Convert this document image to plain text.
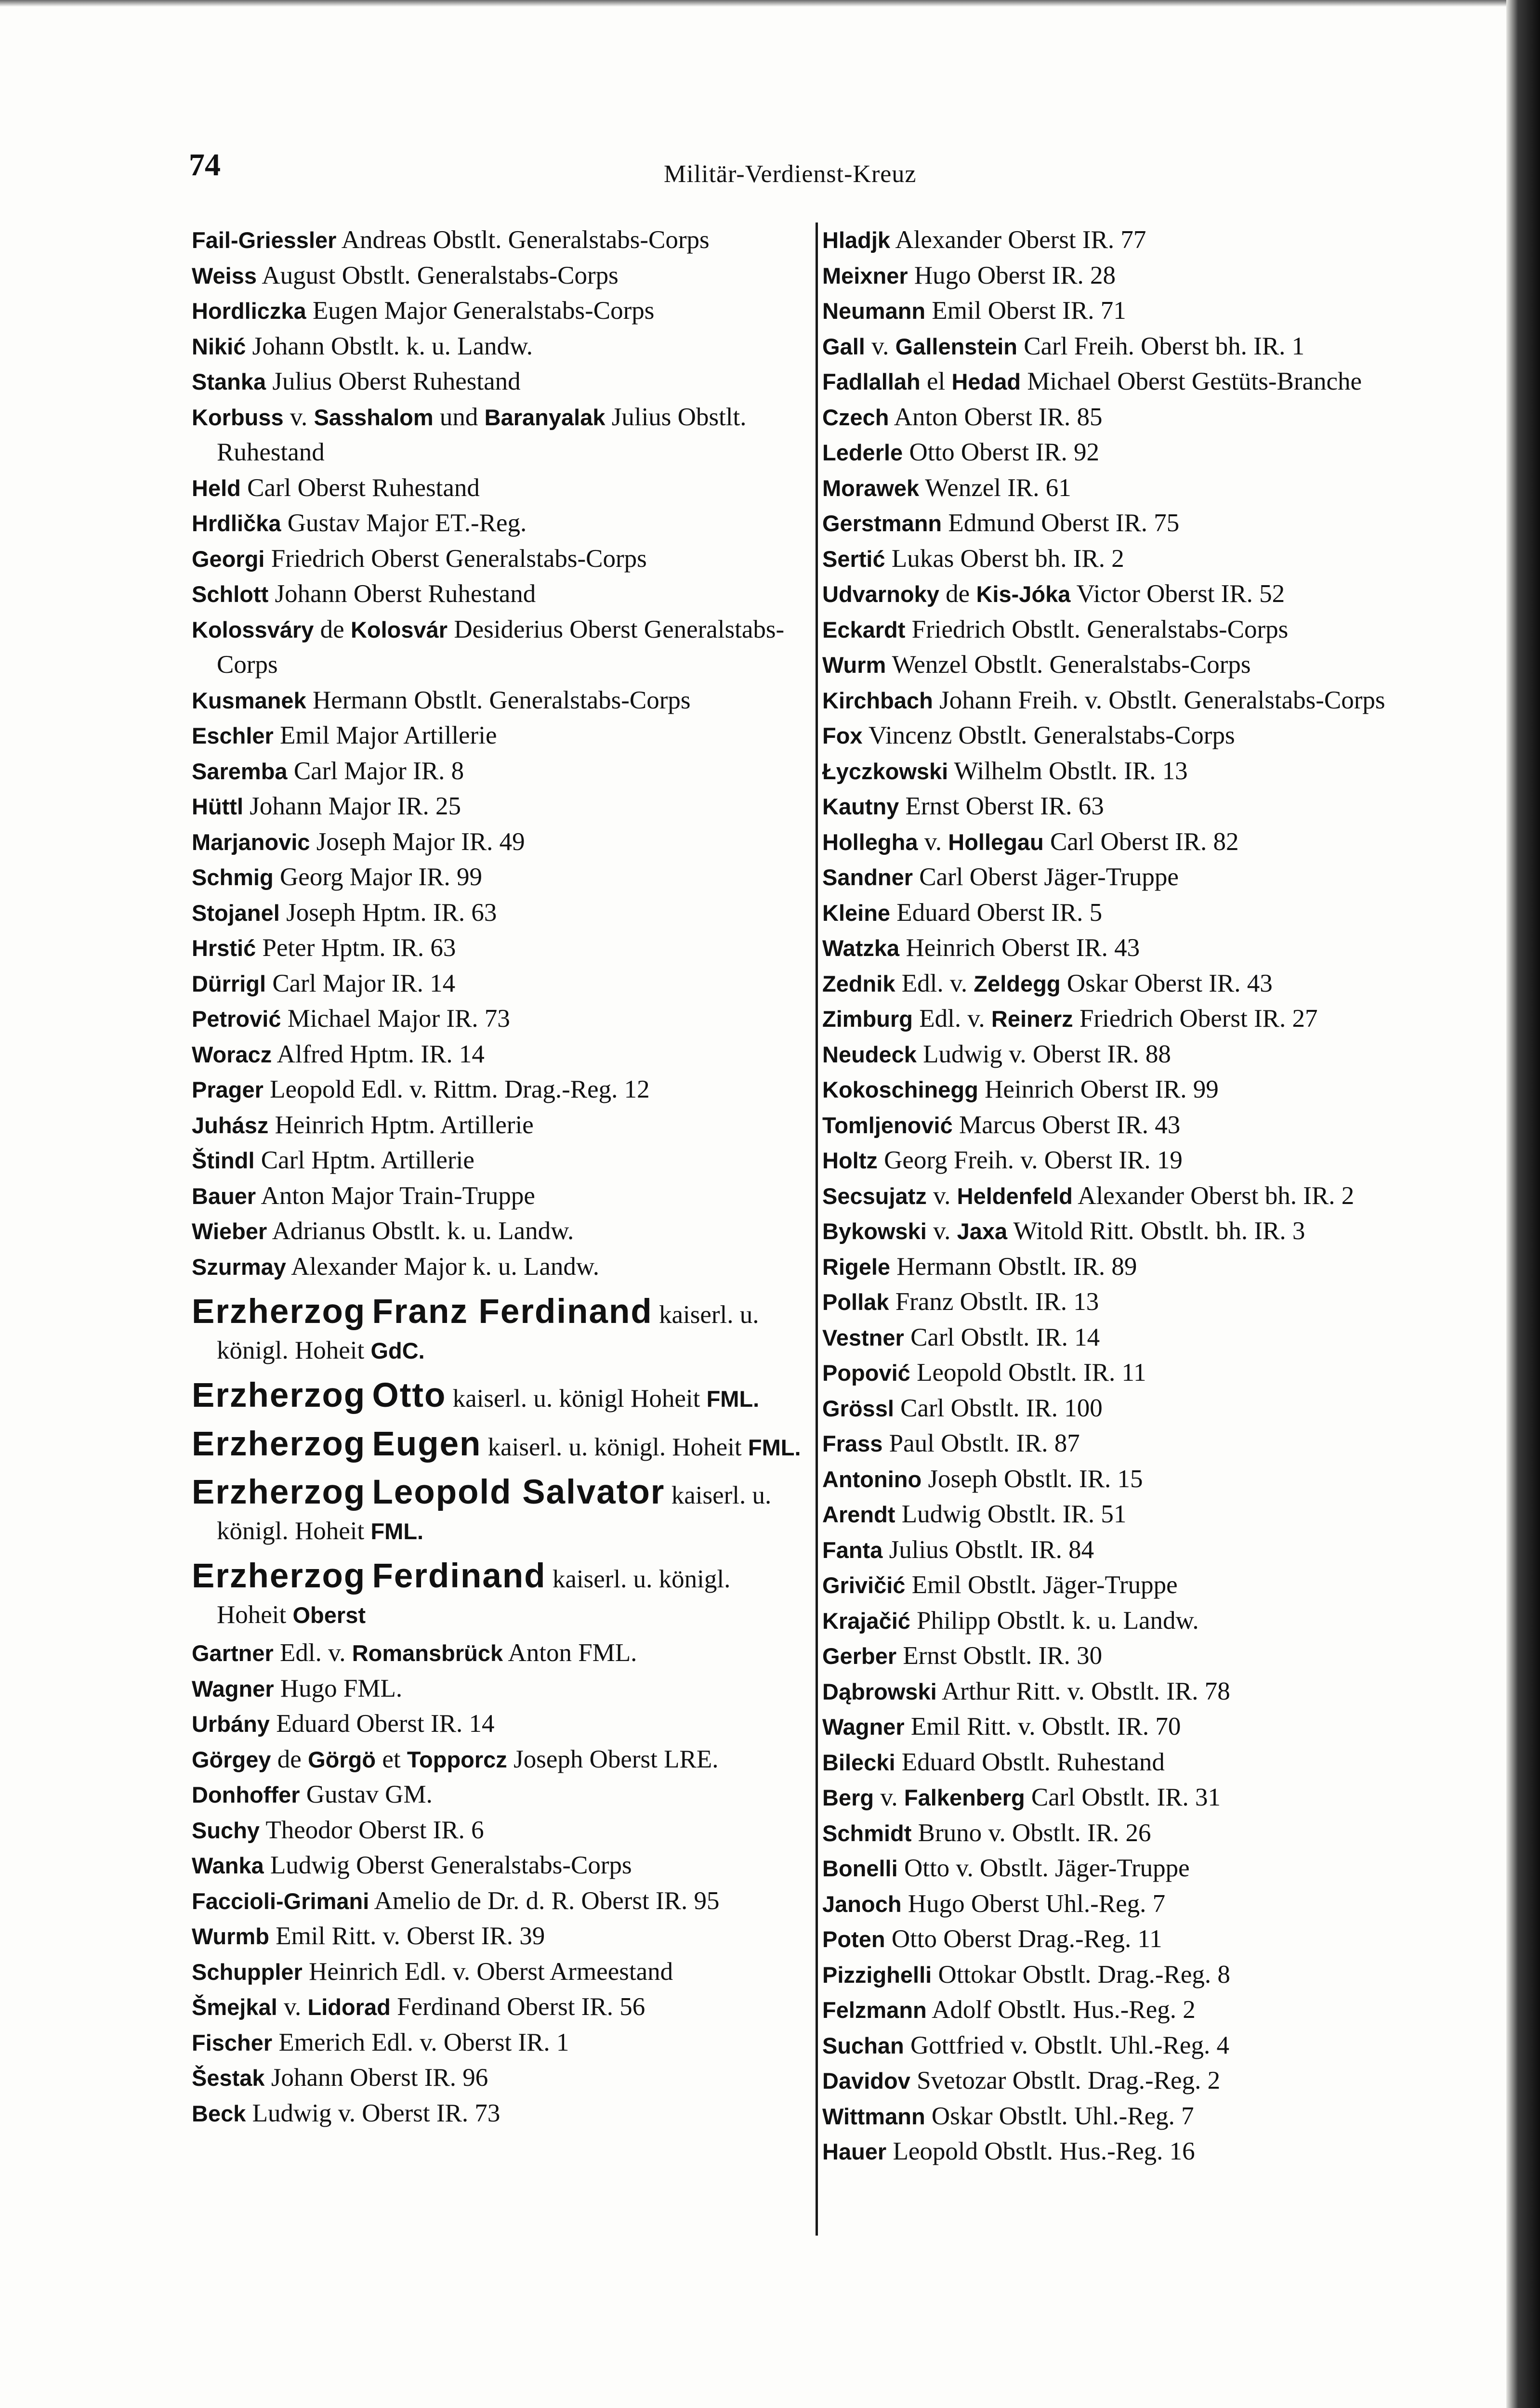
74	Militär-Verdienst-Kreuz

Fail-Griessler Andreas Obstlt. Generalstabs-Corps

Weiss August Obstlt. Generalstabs-Corps

Hordliczka Eugen Major Generalstabs-Corps

Nikić Johann Obstlt. k. u. Landw.

Stanka Julius Oberst Ruhestand

Korbuss v. Sasshalom und Baranyalak Julius Obstlt. Ruhestand

Held Carl Oberst Ruhestand

Hrdlička Gustav Major ET.-Reg.

Georgi Friedrich Oberst Generalstabs-Corps

Schlott Johann Oberst Ruhestand

Kolossváry de Kolosvár Desiderius Oberst Generalstabs-Corps

Kusmanek Hermann Obstlt. Generalstabs-Corps

Eschler Emil Major Artillerie

Saremba Carl Major IR. 8

Hüttl Johann Major IR. 25

Marjanovic Joseph Major IR. 49

Schmig Georg Major IR. 99

Stojanel Joseph Hptm. IR. 63

Hrstić Peter Hptm. IR. 63

Dürrigl Carl Major IR. 14

Petrović Michael Major IR. 73

Woracz Alfred Hptm. IR. 14

Prager Leopold Edl. v. Rittm. Drag.-Reg. 12

Juhász Heinrich Hptm. Artillerie

Štindl Carl Hptm. Artillerie

Bauer Anton Major Train-Truppe

Wieber Adrianus Obstlt. k. u. Landw.

Szurmay Alexander Major k. u. Landw.

Erzherzog Franz Ferdinand kaiserl. u. königl. Hoheit GdC.

Erzherzog Otto kaiserl. u. königl Hoheit FML.

Erzherzog Eugen kaiserl. u. königl. Hoheit FML.

Erzherzog Leopold Salvator kaiserl. u. königl. Hoheit FML.

Erzherzog Ferdinand kaiserl. u. königl. Hoheit Oberst

Gartner Edl. v. Romansbrück Anton FML.

Wagner Hugo FML.

Urbány Eduard Oberst IR. 14

Görgey de Görgö et Topporcz Joseph Oberst LRE.

Donhoffer Gustav GM.

Suchy Theodor Oberst IR. 6

Wanka Ludwig Oberst Generalstabs-Corps

Faccioli-Grimani Amelio de Dr. d. R. Oberst IR. 95

Wurmb Emil Ritt. v. Oberst IR. 39

Schuppler Heinrich Edl. v. Oberst Armeestand

Šmejkal v. Lidorad Ferdinand Oberst IR. 56

Fischer Emerich Edl. v. Oberst IR. 1

Šestak Johann Oberst IR. 96

Beck Ludwig v. Oberst IR. 73

Hladjk Alexander Oberst IR. 77

Meixner Hugo Oberst IR. 28

Neumann Emil Oberst IR. 71

Gall v. Gallenstein Carl Freih. Oberst bh. IR. 1

Fadlallah el Hedad Michael Oberst Gestüts-Branche

Czech Anton Oberst IR. 85

Lederle Otto Oberst IR. 92

Morawek Wenzel IR. 61

Gerstmann Edmund Oberst IR. 75

Sertić Lukas Oberst bh. IR. 2

Udvarnoky de Kis-Jóka Victor Oberst IR. 52

Eckardt Friedrich Obstlt. Generalstabs-Corps

Wurm Wenzel Obstlt. Generalstabs-Corps

Kirchbach Johann Freih. v. Obstlt. Generalstabs-Corps

Fox Vincenz Obstlt. Generalstabs-Corps

Łyczkowski Wilhelm Obstlt. IR. 13

Kautny Ernst Oberst IR. 63

Hollegha v. Hollegau Carl Oberst IR. 82

Sandner Carl Oberst Jäger-Truppe

Kleine Eduard Oberst IR. 5

Watzka Heinrich Oberst IR. 43

Zednik Edl. v. Zeldegg Oskar Oberst IR. 43

Zimburg Edl. v. Reinerz Friedrich Oberst IR. 27

Neudeck Ludwig v. Oberst IR. 88

Kokoschinegg Heinrich Oberst IR. 99

Tomljenović Marcus Oberst IR. 43

Holtz Georg Freih. v. Oberst IR. 19

Secsujatz v. Heldenfeld Alexander Oberst bh. IR. 2

Bykowski v. Jaxa Witold Ritt. Obstlt. bh. IR. 3

Rigele Hermann Obstlt. IR. 89

Pollak Franz Obstlt. IR. 13

Vestner Carl Obstlt. IR. 14

Popović Leopold Obstlt. IR. 11

Grössl Carl Obstlt. IR. 100

Frass Paul Obstlt. IR. 87

Antonino Joseph Obstlt. IR. 15

Arendt Ludwig Obstlt. IR. 51

Fanta Julius Obstlt. IR. 84

Grivičić Emil Obstlt. Jäger-Truppe

Krajačić Philipp Obstlt. k. u. Landw.

Gerber Ernst Obstlt. IR. 30

Dąbrowski Arthur Ritt. v. Obstlt. IR. 78

Wagner Emil Ritt. v. Obstlt. IR. 70

Bilecki Eduard Obstlt. Ruhestand

Berg v. Falkenberg Carl Obstlt. IR. 31

Schmidt Bruno v. Obstlt. IR. 26

Bonelli Otto v. Obstlt. Jäger-Truppe

Janoch Hugo Oberst Uhl.-Reg. 7

Poten Otto Oberst Drag.-Reg. 11

Pizzighelli Ottokar Obstlt. Drag.-Reg. 8

Felzmann Adolf Obstlt. Hus.-Reg. 2

Suchan Gottfried v. Obstlt. Uhl.-Reg. 4

Davidov Svetozar Obstlt. Drag.-Reg. 2

Wittmann Oskar Obstlt. Uhl.-Reg. 7

Hauer Leopold Obstlt. Hus.-Reg. 16
